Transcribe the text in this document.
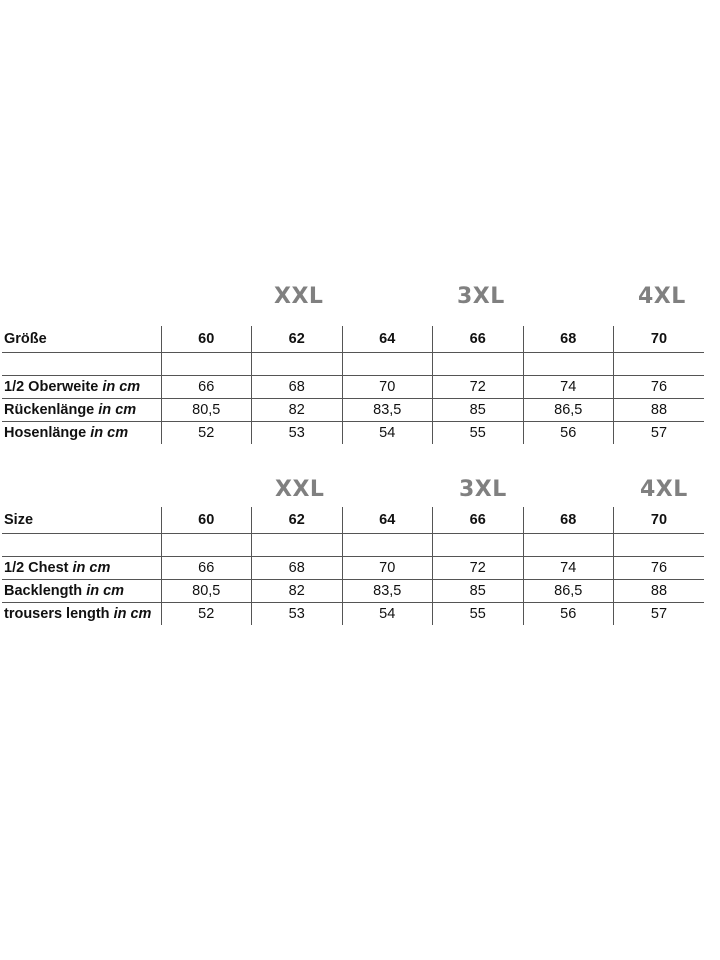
XXL	3XL	4XL
Größe	60	62	64	66	68	70

1/2 Oberweite in cm	66	68	70	72	74	76
Rückenlänge in cm	80,5	82	83,5	85	86,5	88
Hosenlänge in cm	52	53	54	55	56	57
XXL	3XL	4XL
Size	60	62	64	66	68	70

1/2 Chest in cm	66	68	70	72	74	76
Backlength in cm	80,5	82	83,5	85	86,5	88
trousers length in cm	52	53	54	55	56	57
